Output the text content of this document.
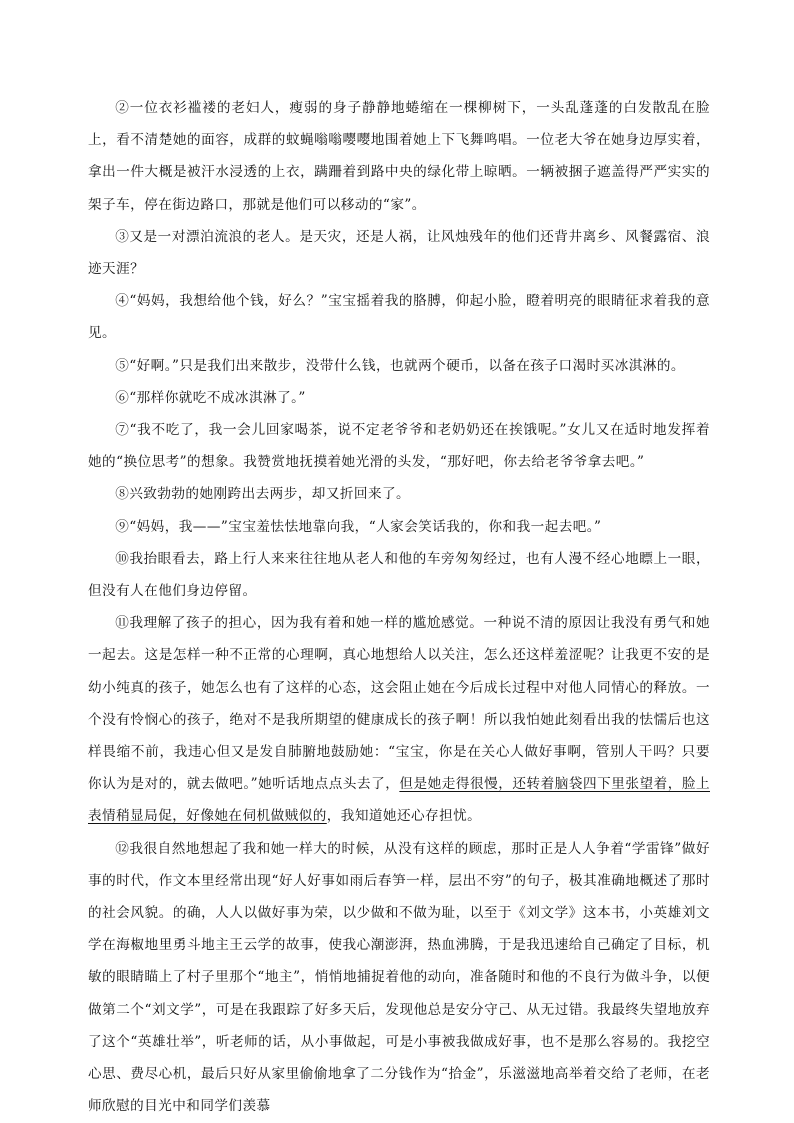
②一位衣衫褴褛的老妇人，瘦弱的身子静静地蜷缩在一棵柳树下，一头乱蓬蓬的白发散乱在脸上，看不清楚她的面容，成群的蚊蝇嗡嗡嘤嘤地围着她上下飞舞鸣唱。一位老大爷在她身边厚实着，拿出一件大概是被汗水浸透的上衣，蹒跚着到路中央的绿化带上晾晒。一辆被捆子遮盖得严严实实的架子车，停在街边路口，那就是他们可以移动的“家”。

③又是一对漂泊流浪的老人。是天灾，还是人祸，让风烛残年的他们还背井离乡、风餐露宿、浪迹天涯？

④“妈妈，我想给他个钱，好么？”宝宝摇着我的胳膊，仰起小脸，瞪着明亮的眼睛征求着我的意见。

⑤“好啊。”只是我们出来散步，没带什么钱，也就两个硬币，以备在孩子口渴时买冰淇淋的。

⑥“那样你就吃不成冰淇淋了。”

⑦“我不吃了，我一会儿回家喝茶，说不定老爷爷和老奶奶还在挨饿呢。”女儿又在适时地发挥着她的“换位思考”的想象。我赞赏地抚摸着她光滑的头发，“那好吧，你去给老爷爷拿去吧。”

⑧兴致勃勃的她刚跨出去两步，却又折回来了。

⑨“妈妈，我——”宝宝羞怯怯地靠向我，“人家会笑话我的，你和我一起去吧。”

⑩我抬眼看去，路上行人来来往往地从老人和他的车旁匆匆经过，也有人漫不经心地瞟上一眼，但没有人在他们身边停留。

⑪我理解了孩子的担心，因为我有着和她一样的尴尬感觉。一种说不清的原因让我没有勇气和她一起去。这是怎样一种不正常的心理啊，真心地想给人以关注，怎么还这样羞涩呢？让我更不安的是幼小纯真的孩子，她怎么也有了这样的心态，这会阻止她在今后成长过程中对他人同情心的释放。一个没有怜悯心的孩子，绝对不是我所期望的健康成长的孩子啊！所以我怕她此刻看出我的怯懦后也这样畏缩不前，我违心但又是发自肺腑地鼓励她：“宝宝，你是在关心人做好事啊，管别人干吗？只要你认为是对的，就去做吧。”她听话地点点头去了，但是她走得很慢，还转着脑袋四下里张望着，脸上表情稍显局促，好像她在伺机做贼似的，我知道她还心存担忧。

⑫我很自然地想起了我和她一样大的时候，从没有这样的顾虑，那时正是人人争着“学雷锋”做好事的时代，作文本里经常出现“好人好事如雨后春笋一样，层出不穷”的句子，极其准确地概述了那时的社会风貌。的确，人人以做好事为荣，以少做和不做为耻，以至于《刘文学》这本书，小英雄刘文学在海椒地里勇斗地主王云学的故事，使我心潮澎湃，热血沸腾，于是我迅速给自己确定了目标，机敏的眼睛瞄上了村子里那个“地主”，悄悄地捕捉着他的动向，准备随时和他的不良行为做斗争，以便做第二个“刘文学”，可是在我跟踪了好多天后，发现他总是安分守己、从无过错。我最终失望地放弃了这个“英雄壮举”，听老师的话，从小事做起，可是小事被我做成好事，也不是那么容易的。我挖空心思、费尽心机，最后只好从家里偷偷地拿了二分钱作为“拾金”，乐滋滋地高举着交给了老师，在老师欣慰的目光中和同学们羡慕
